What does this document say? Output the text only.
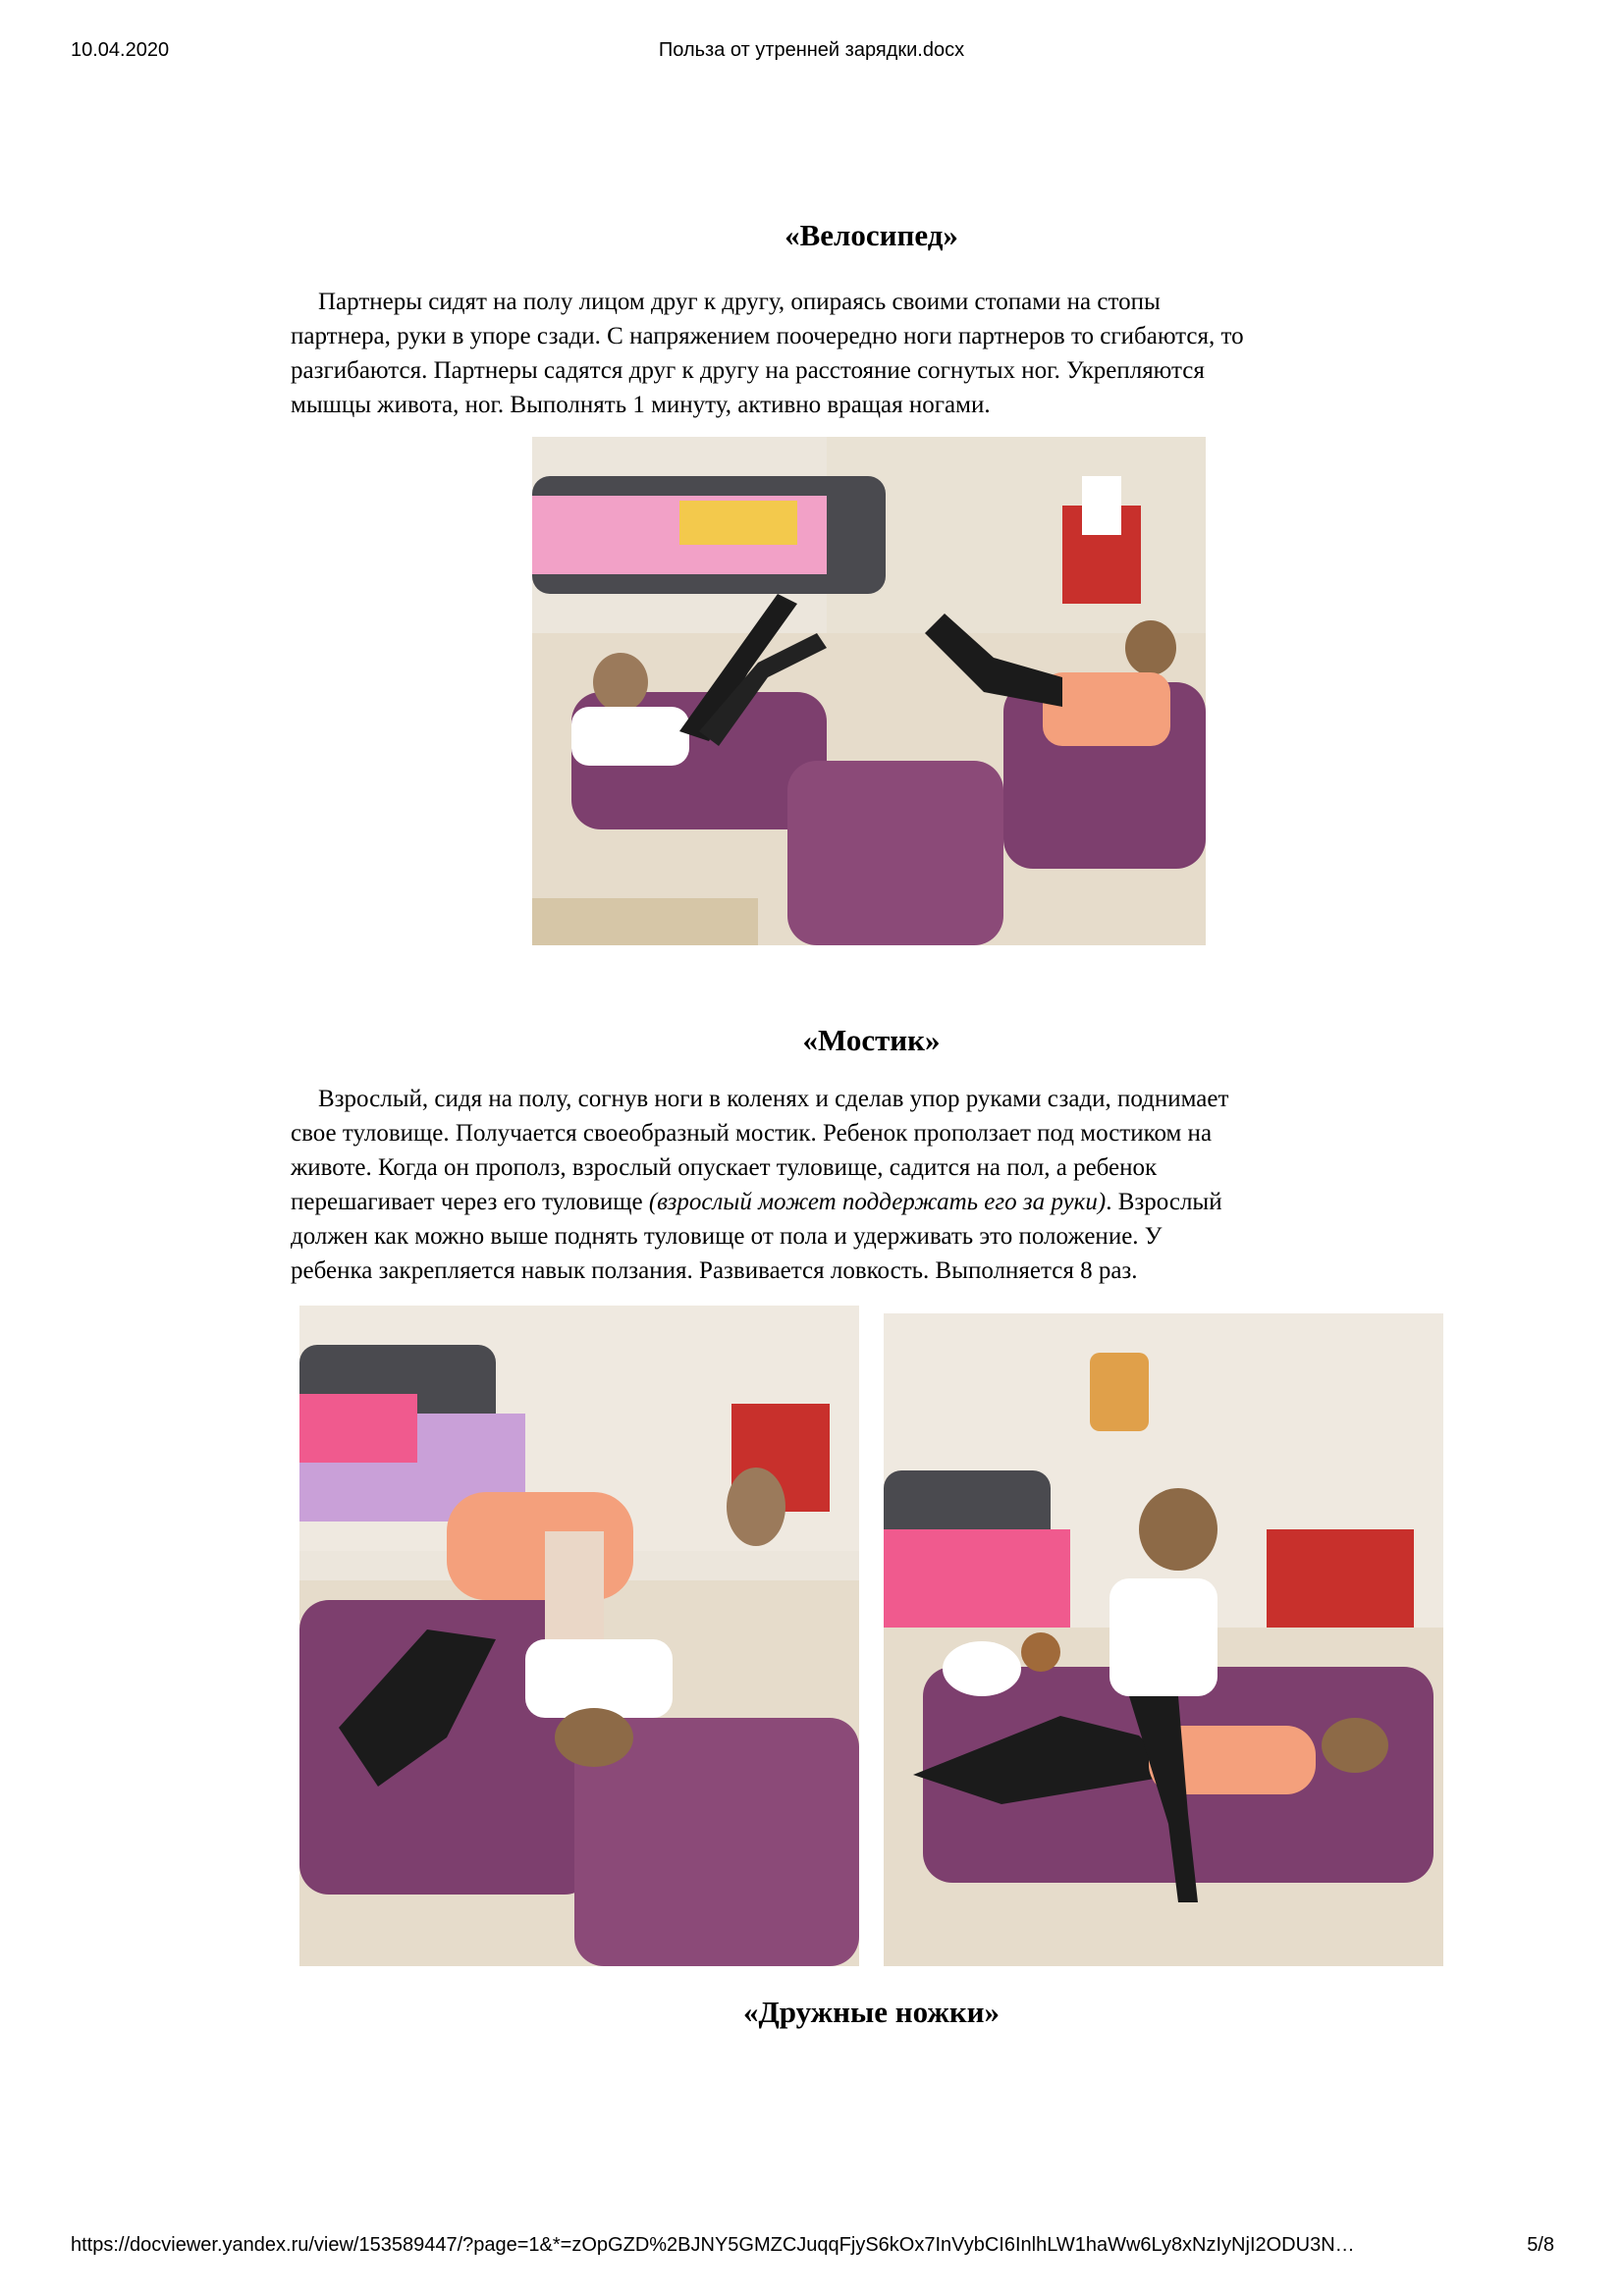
10.04.2020	Польза от утренней зарядки.docx
«Велосипед»
Партнеры сидят на полу лицом друг к другу, опираясь своими стопами на стопы
партнера, руки в упоре сзади. С напряжением поочередно ноги партнеров то сгибаются, то
разгибаются. Партнеры садятся друг к другу на расстояние согнутых ног. Укрепляются
мышцы живота, ног. Выполнять 1 минуту, активно вращая ногами.
«Мостик»
Взрослый, сидя на полу, согнув ноги в коленях и сделав упор руками сзади, поднимает
свое туловище. Получается своеобразный мостик. Ребенок проползает под мостиком на
животе. Когда он прополз, взрослый опускает туловище, садится на пол, а ребенок
перешагивает через его туловище (взрослый может поддержать его за руки). Взрослый
должен как можно выше поднять туловище от пола и удерживать это положение. У
ребенка закрепляется навык ползания. Развивается ловкость. Выполняется 8 раз.
«Дружные ножки»
https://docviewer.yandex.ru/view/153589447/?page=1&*=zOpGZD%2BJNY5GMZCJuqqFjyS6kOx7InVybCI6InlhLW1haWw6Ly8xNzIyNjI2ODU3N…	5/8
